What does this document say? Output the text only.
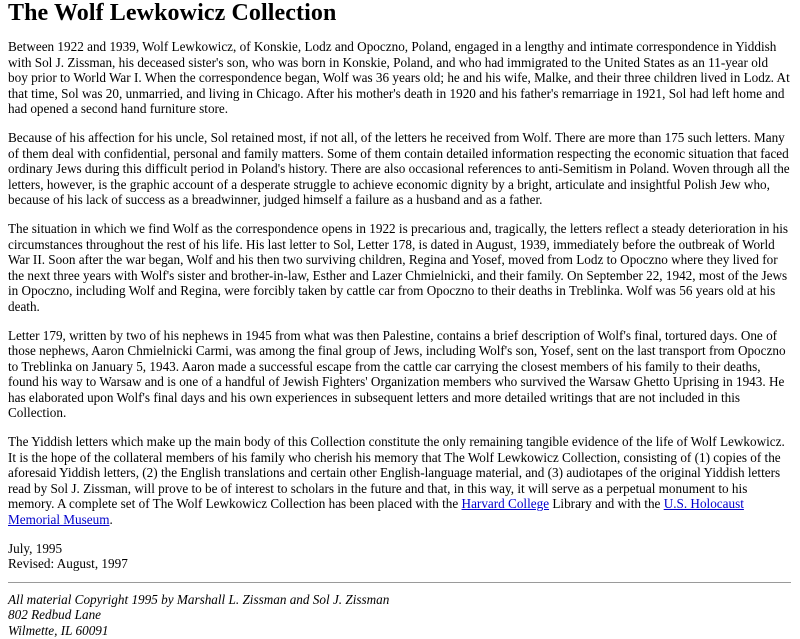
The Wolf Lewkowicz Collection

Between 1922 and 1939, Wolf Lewkowicz, of Konskie, Lodz and Opoczno, Poland, engaged in a lengthy and intimate correspondence in Yiddish with Sol J. Zissman, his deceased sister's son, who was born in Konskie, Poland, and who had immigrated to the United States as an 11-year old boy prior to World War I. When the correspondence began, Wolf was 36 years old; he and his wife, Malke, and their three children lived in Lodz. At that time, Sol was 20, unmarried, and living in Chicago. After his mother's death in 1920 and his father's remarriage in 1921, Sol had left home and had opened a second hand furniture store.

Because of his affection for his uncle, Sol retained most, if not all, of the letters he received from Wolf. There are more than 175 such letters. Many of them deal with confidential, personal and family matters. Some of them contain detailed information respecting the economic situation that faced ordinary Jews during this difficult period in Poland's history. There are also occasional references to anti-Semitism in Poland. Woven through all the letters, however, is the graphic account of a desperate struggle to achieve economic dignity by a bright, articulate and insightful Polish Jew who, because of his lack of success as a breadwinner, judged himself a failure as a husband and as a father.

The situation in which we find Wolf as the correspondence opens in 1922 is precarious and, tragically, the letters reflect a steady deterioration in his circumstances throughout the rest of his life. His last letter to Sol, Letter 178, is dated in August, 1939, immediately before the outbreak of World War II. Soon after the war began, Wolf and his then two surviving children, Regina and Yosef, moved from Lodz to Opoczno where they lived for the next three years with Wolf's sister and brother-in-law, Esther and Lazer Chmielnicki, and their family. On September 22, 1942, most of the Jews in Opoczno, including Wolf and Regina, were forcibly taken by cattle car from Opoczno to their deaths in Treblinka. Wolf was 56 years old at his death.

Letter 179, written by two of his nephews in 1945 from what was then Palestine, contains a brief description of Wolf's final, tortured days. One of those nephews, Aaron Chmielnicki Carmi, was among the final group of Jews, including Wolf's son, Yosef, sent on the last transport from Opoczno to Treblinka on January 5, 1943. Aaron made a successful escape from the cattle car carrying the closest members of his family to their deaths, found his way to Warsaw and is one of a handful of Jewish Fighters' Organization members who survived the Warsaw Ghetto Uprising in 1943. He has elaborated upon Wolf's final days and his own experiences in subsequent letters and more detailed writings that are not included in this Collection.

The Yiddish letters which make up the main body of this Collection constitute the only remaining tangible evidence of the life of Wolf Lewkowicz. It is the hope of the collateral members of his family who cherish his memory that The Wolf Lewkowicz Collection, consisting of (1) copies of the aforesaid Yiddish letters, (2) the English translations and certain other English-language material, and (3) audiotapes of the original Yiddish letters read by Sol J. Zissman, will prove to be of interest to scholars in the future and that, in this way, it will serve as a perpetual monument to his memory. A complete set of The Wolf Lewkowicz Collection has been placed with the Harvard College Library and with the U.S. Holocaust Memorial Museum.

July, 1995
Revised: August, 1997
All material Copyright 1995 by Marshall L. Zissman and Sol J. Zissman
802 Redbud Lane
Wilmette, IL 60091
